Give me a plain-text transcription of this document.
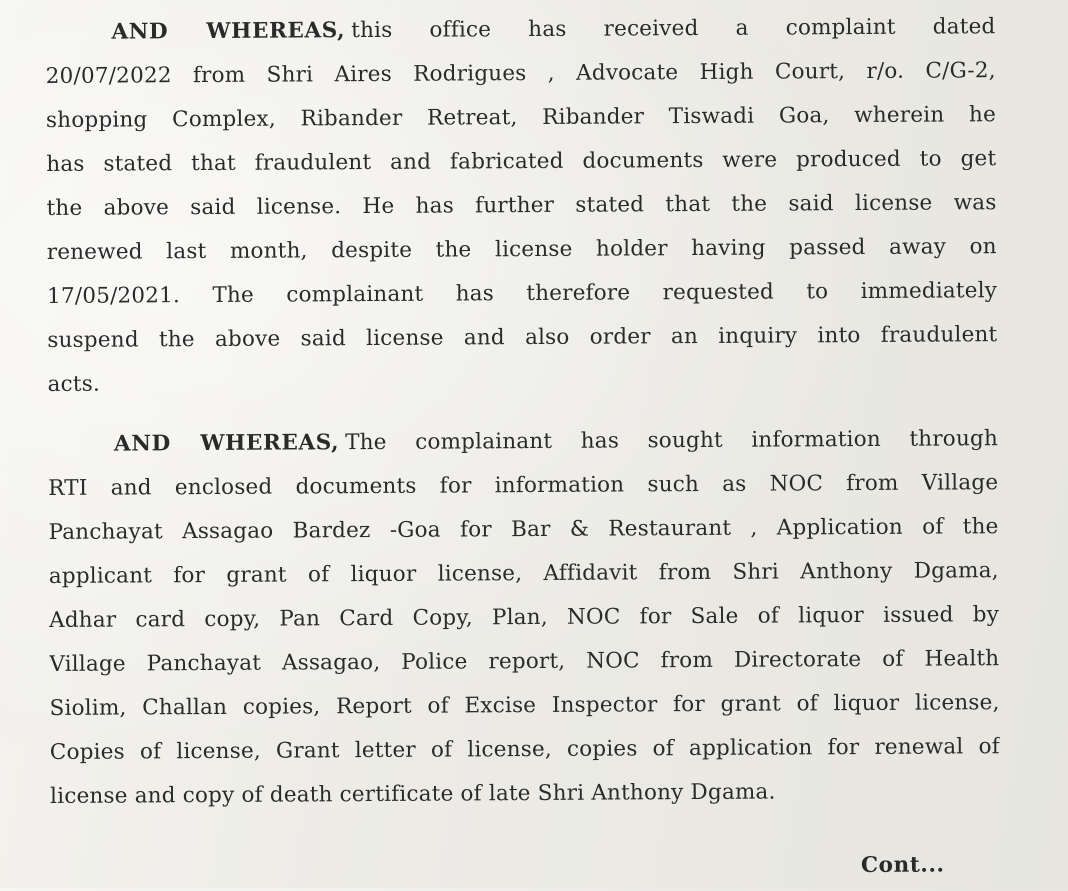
AND WHEREAS, this office has received a complaint dated
20/07/2022 from Shri Aires Rodrigues , Advocate High Court, r/o. C/G-2,
shopping Complex, Ribander Retreat, Ribander Tiswadi Goa, wherein he
has stated that fraudulent and fabricated documents were produced to get
the above said license. He has further stated that the said license was
renewed last month, despite the license holder having passed away on
17/05/2021. The complainant has therefore requested to immediately
suspend the above said license and also order an inquiry into fraudulent
acts.
AND WHEREAS, The complainant has sought information through
RTI and enclosed documents for information such as NOC from Village
Panchayat Assagao Bardez -Goa for Bar & Restaurant , Application of the
applicant for grant of liquor license, Affidavit from Shri Anthony Dgama,
Adhar card copy, Pan Card Copy, Plan, NOC for Sale of liquor issued by
Village Panchayat Assagao, Police report, NOC from Directorate of Health
Siolim, Challan copies, Report of Excise Inspector for grant of liquor license,
Copies of license, Grant letter of license, copies of application for renewal of
license and copy of death certificate of late Shri Anthony Dgama.
Cont...
